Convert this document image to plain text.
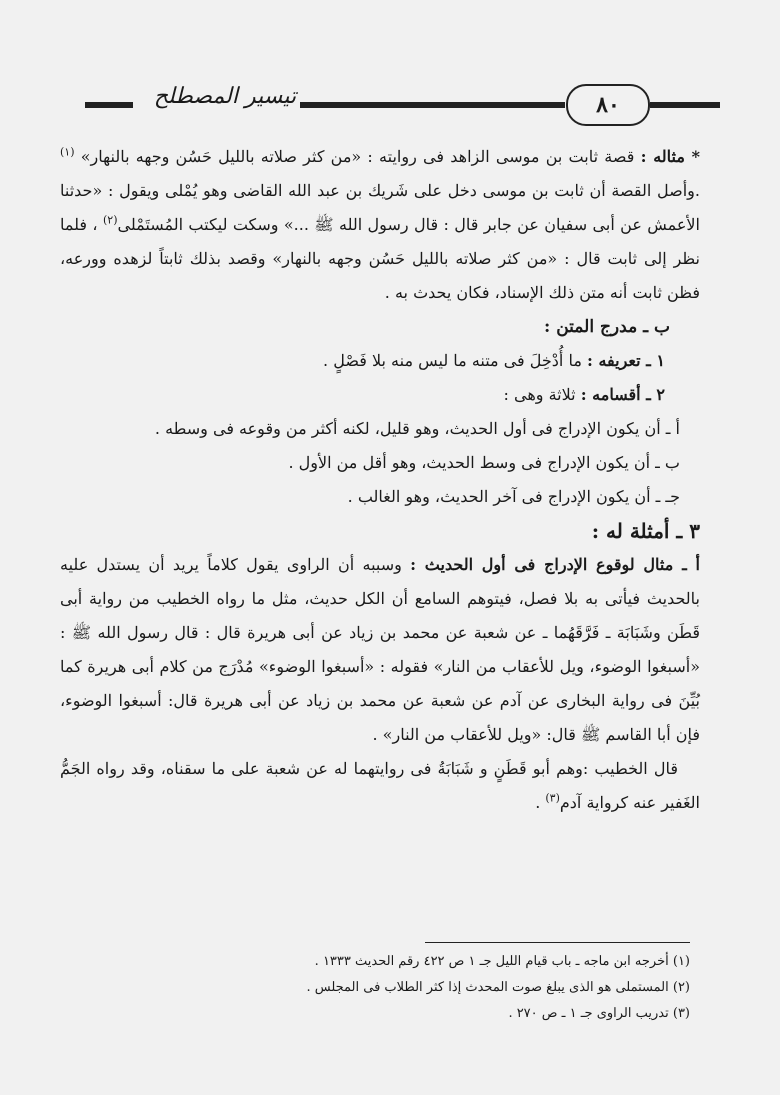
تيسير المصطلح	٨٠

* مثاله : قصة ثابت بن موسى الزاهد فى روايته : «من كثر صلاته بالليل حَسُن وجهه بالنهار» $^{(١)}$ .وأصل القصة أن ثابت بن موسى دخل على شَريك بن عبد الله القاضى وهو يُمْلى ويقول : «حدثنا الأعمش عن أبى سفيان عن جابر قال : قال رسول الله ﷺ ...» وسكت ليكتب المُستَمْلى$^{(٢)}$ ، فلما نظر إلى ثابت قال : «من كثر صلاته بالليل حَسُن وجهه بالنهار» وقصد بذلك ثابتاً لزهده وورعه، فظن ثابت أنه متن ذلك الإسناد، فكان يحدث به .

ب ـ مدرج المتن :

١ ـ تعريفه : ما أُدْخِلَ فى متنه ما ليس منه بلا فَصْلٍ .

٢ ـ أقسامه : ثلاثة وهى :

أ ـ أن يكون الإدراج فى أول الحديث، وهو قليل، لكنه أكثر من وقوعه فى وسطه .

ب ـ أن يكون الإدراج فى وسط الحديث، وهو أقل من الأول .

جـ ـ أن يكون الإدراج فى آخر الحديث، وهو الغالب .

٣ ـ أمثلة له :

أ ـ مثال لوقوع الإدراج فى أول الحديث : وسببه أن الراوى يقول كلاماً يريد أن يستدل عليه بالحديث فيأتى به بلا فصل، فيتوهم السامع أن الكل حديث، مثل ما رواه الخطيب من رواية أبى قَطَن وشَبَابَة ـ فَرَّقَهُما ـ عن شعبة عن محمد بن زياد عن أبى هريرة قال : قال رسول الله ﷺ : «أسبغوا الوضوء، ويل للأعقاب من النار» فقوله : «أسبغوا الوضوء» مُدْرَج من كلام أبى هريرة كما بُيِّنَ فى رواية البخارى عن آدم عن شعبة عن محمد بن زياد عن أبى هريرة قال: أسبغوا الوضوء، فإن أبا القاسم ﷺ قال: «ويل للأعقاب من النار» .

قال الخطيب :وهم أبو قَطَنٍ و شَبَابَةُ فى روايتهما له عن شعبة على ما سقناه، وقد رواه الجَمُّ الغَفير عنه كرواية آدم$^{(٣)}$ .

(١) أخرجه ابن ماجه ـ باب قيام الليل جـ ١ ص ٤٢٢ رقم الحديث ١٣٣٣ .

(٢) المستملى هو الذى يبلغ صوت المحدث إذا كثر الطلاب فى المجلس .

(٣) تدريب الراوى جـ ١ ـ ص ٢٧٠ .
